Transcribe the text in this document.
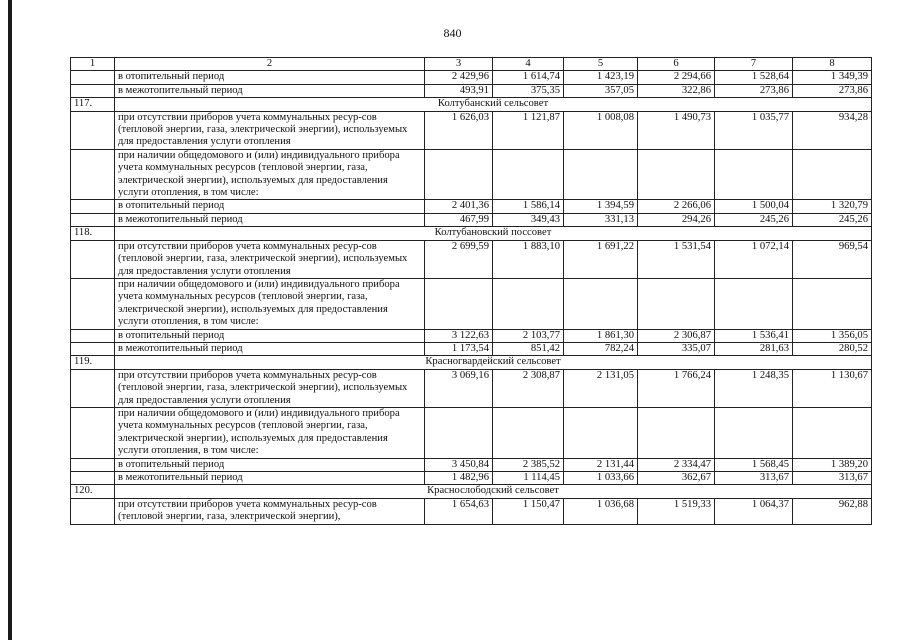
840
1	2	3	4	5	6	7	8
	в отопительный период	2 429,96	1 614,74	1 423,19	2 294,66	1 528,64	1 349,39
	в межотопительный период	493,91	375,35	357,05	322,86	273,86	273,86
117.	Колтубанский сельсовет						
	при отсутствии приборов учета коммунальных ресур-сов (тепловой энергии, газа, электрической энергии), используемых для предоставления услуги отопления	1 626,03	1 121,87	1 008,08	1 490,73	1 035,77	934,28
	при наличии общедомового и (или) индивидуального прибора учета коммунальных ресурсов (тепловой энергии, газа, электрической энергии), используемых для предоставления услуги отопления, в том числе:						
	в отопительный период	2 401,36	1 586,14	1 394,59	2 266,06	1 500,04	1 320,79
	в межотопительный период	467,99	349,43	331,13	294,26	245,26	245,26
118.	Колтубановский поссовет						
	при отсутствии приборов учета коммунальных ресур-сов (тепловой энергии, газа, электрической энергии), используемых для предоставления услуги отопления	2 699,59	1 883,10	1 691,22	1 531,54	1 072,14	969,54
	при наличии общедомового и (или) индивидуального прибора учета коммунальных ресурсов (тепловой энергии, газа, электрической энергии), используемых для предоставления услуги отопления, в том числе:						
	в отопительный период	3 122,63	2 103,77	1 861,30	2 306,87	1 536,41	1 356,05
	в межотопительный период	1 173,54	851,42	782,24	335,07	281,63	280,52
119.	Красногвардейский сельсовет						
	при отсутствии приборов учета коммунальных ресур-сов (тепловой энергии, газа, электрической энергии), используемых для предоставления услуги отопления	3 069,16	2 308,87	2 131,05	1 766,24	1 248,35	1 130,67
	при наличии общедомового и (или) индивидуального прибора учета коммунальных ресурсов (тепловой энергии, газа, электрической энергии), используемых для предоставления услуги отопления, в том числе:						
	в отопительный период	3 450,84	2 385,52	2 131,44	2 334,47	1 568,45	1 389,20
	в межотопительный период	1 482,96	1 114,45	1 033,66	362,67	313,67	313,67
120.	Краснослободский сельсовет						
	при отсутствии приборов учета коммунальных ресур-сов (тепловой энергии, газа, электрической энергии),	1 654,63	1 150,47	1 036,68	1 519,33	1 064,37	962,88
